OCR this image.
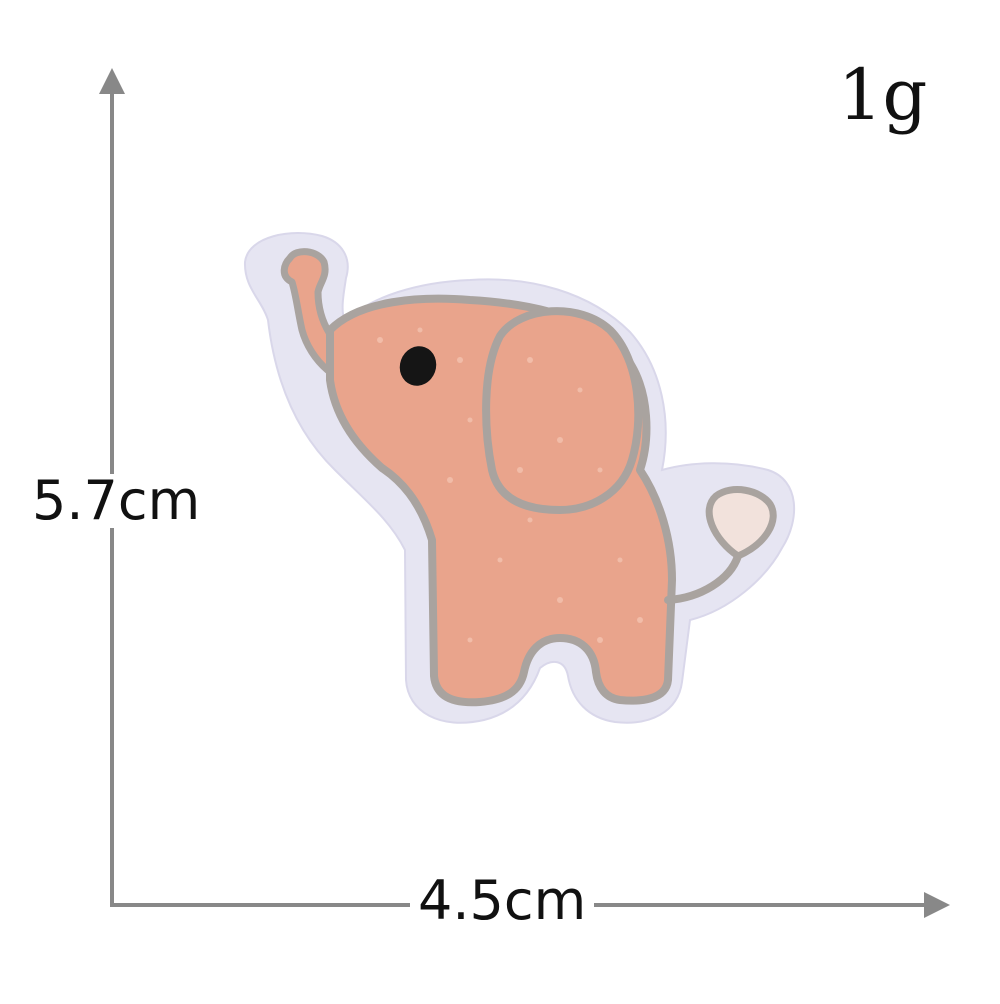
1g
5.7cm
4.5cm
